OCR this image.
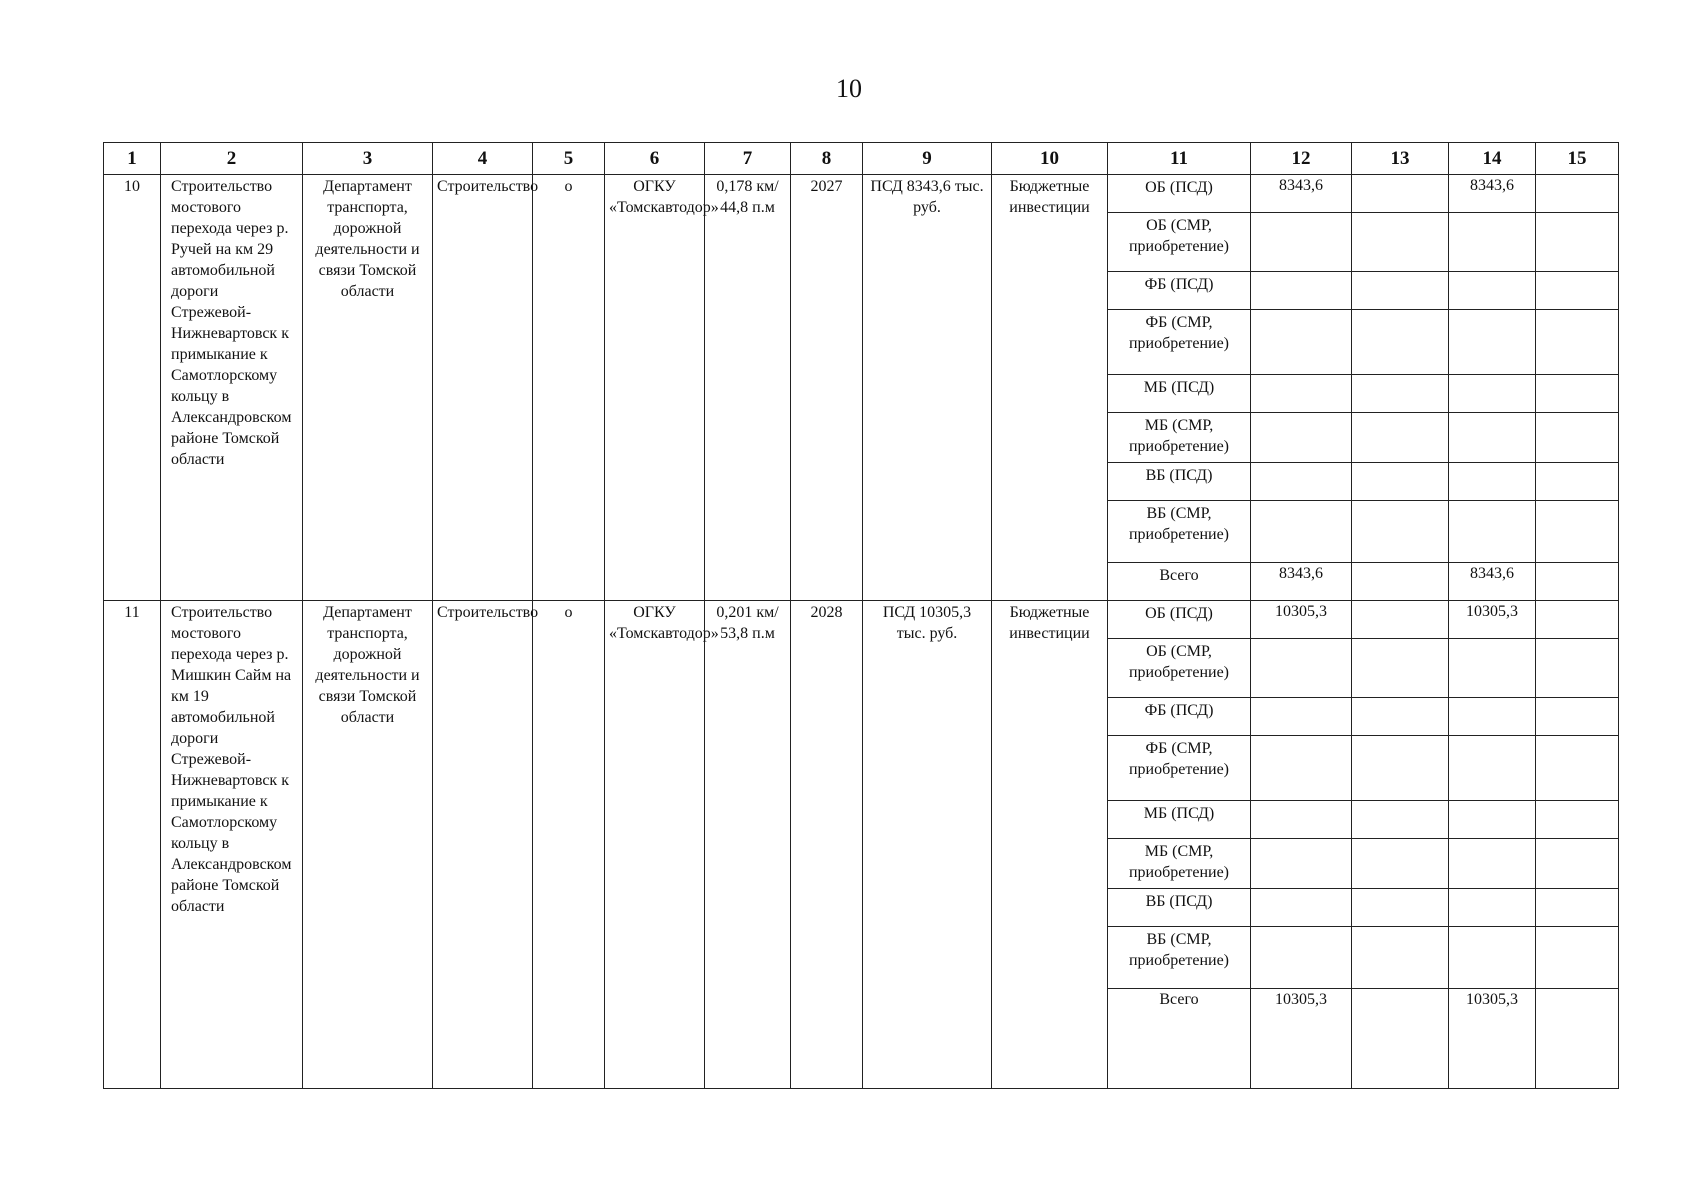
10
1	2	3	4	5	6	7	8	9	10	11	12	13	14	15
10	Строительство мостового перехода через р. Ручей на км 29 автомобильной дороги Стрежевой-Нижневартовск к примыкание к Самотлорскому кольцу в Александровском районе Томской области	Департамент транспорта, дорожной деятельности и связи Томской области	Строительство	о	ОГКУ «Томскавтодор»	0,178 км/ 44,8 п.м	2027	ПСД 8343,6 тыс. руб.	Бюджетные инвестиции	ОБ (ПСД)	8343,6		8343,6	
										ОБ (СМР, приобретение)				
										ФБ (ПСД)				
										ФБ (СМР, приобретение)				
										МБ (ПСД)				
										МБ (СМР, приобретение)				
										ВБ (ПСД)				
										ВБ (СМР, приобретение)				
										Всего	8343,6		8343,6	
11	Строительство мостового перехода через р. Мишкин Сайм на км 19 автомобильной дороги Стрежевой-Нижневартовск к примыкание к Самотлорскому кольцу в Александровском районе Томской области	Департамент транспорта, дорожной деятельности и связи Томской области	Строительство	о	ОГКУ «Томскавтодор»	0,201 км/ 53,8 п.м	2028	ПСД 10305,3 тыс. руб.	Бюджетные инвестиции	ОБ (ПСД)	10305,3		10305,3	
										ОБ (СМР, приобретение)				
										ФБ (ПСД)				
										ФБ (СМР, приобретение)				
										МБ (ПСД)				
										МБ (СМР, приобретение)				
										ВБ (ПСД)				
										ВБ (СМР, приобретение)				
										Всего	10305,3		10305,3	
